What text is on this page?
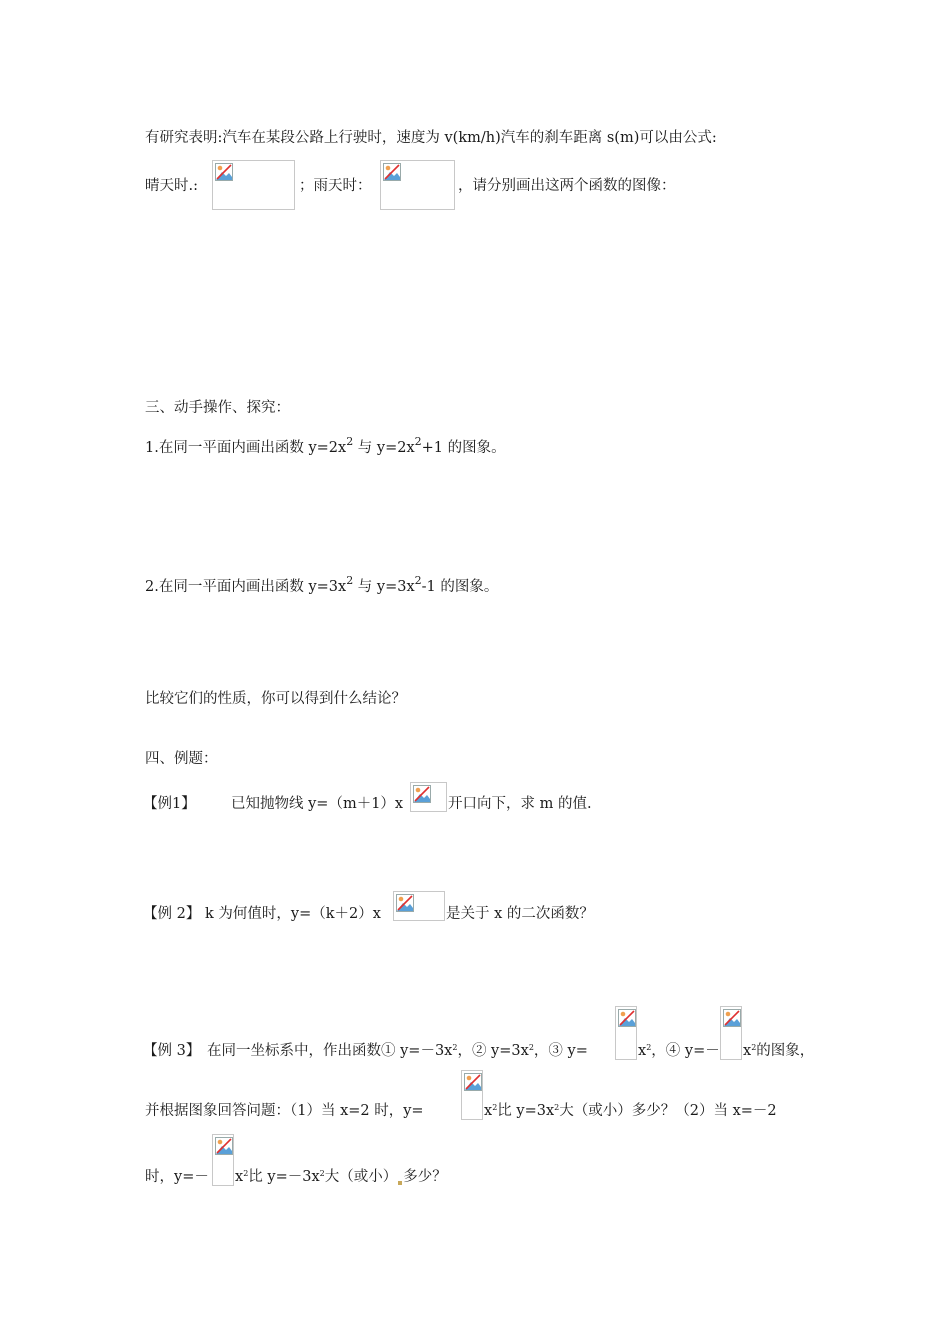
有研究表明:汽车在某段公路上行驶时，速度为 v(km/h)汽车的刹车距离 s(m)可以由公式:
晴天时.:	；雨天时：	，请分别画出这两个函数的图像：
三、动手操作、探究：
1.在同一平面内画出函数 $y=2x^2$ 与 $y=2x^2+1$ 的图象。
2.在同一平面内画出函数 $y=3x^2$ 与 $y=3x^2-1$ 的图象。
比较它们的性质，你可以得到什么结论？
四、例题：
【例1】 已知抛物线 y=（m＋1）x	开口向下，求 m 的值.
【例 2】 k 为何值时，y=（k＋2）x	是关于 x 的二次函数？
【例 3】 在同一坐标系中，作出函数① $y=-3x^2$，② $y=3x^2$，③ y=	$x^2$，④ $y=- x^2$的图象，
并根据图象回答问题：（1）当 x=2 时，y=	$x^2$比 $y=3x^2$大（或小）多少？（2）当 x=－2
时，$y=- x^2$比 $y=-3x^2$大（或小） 多少？
